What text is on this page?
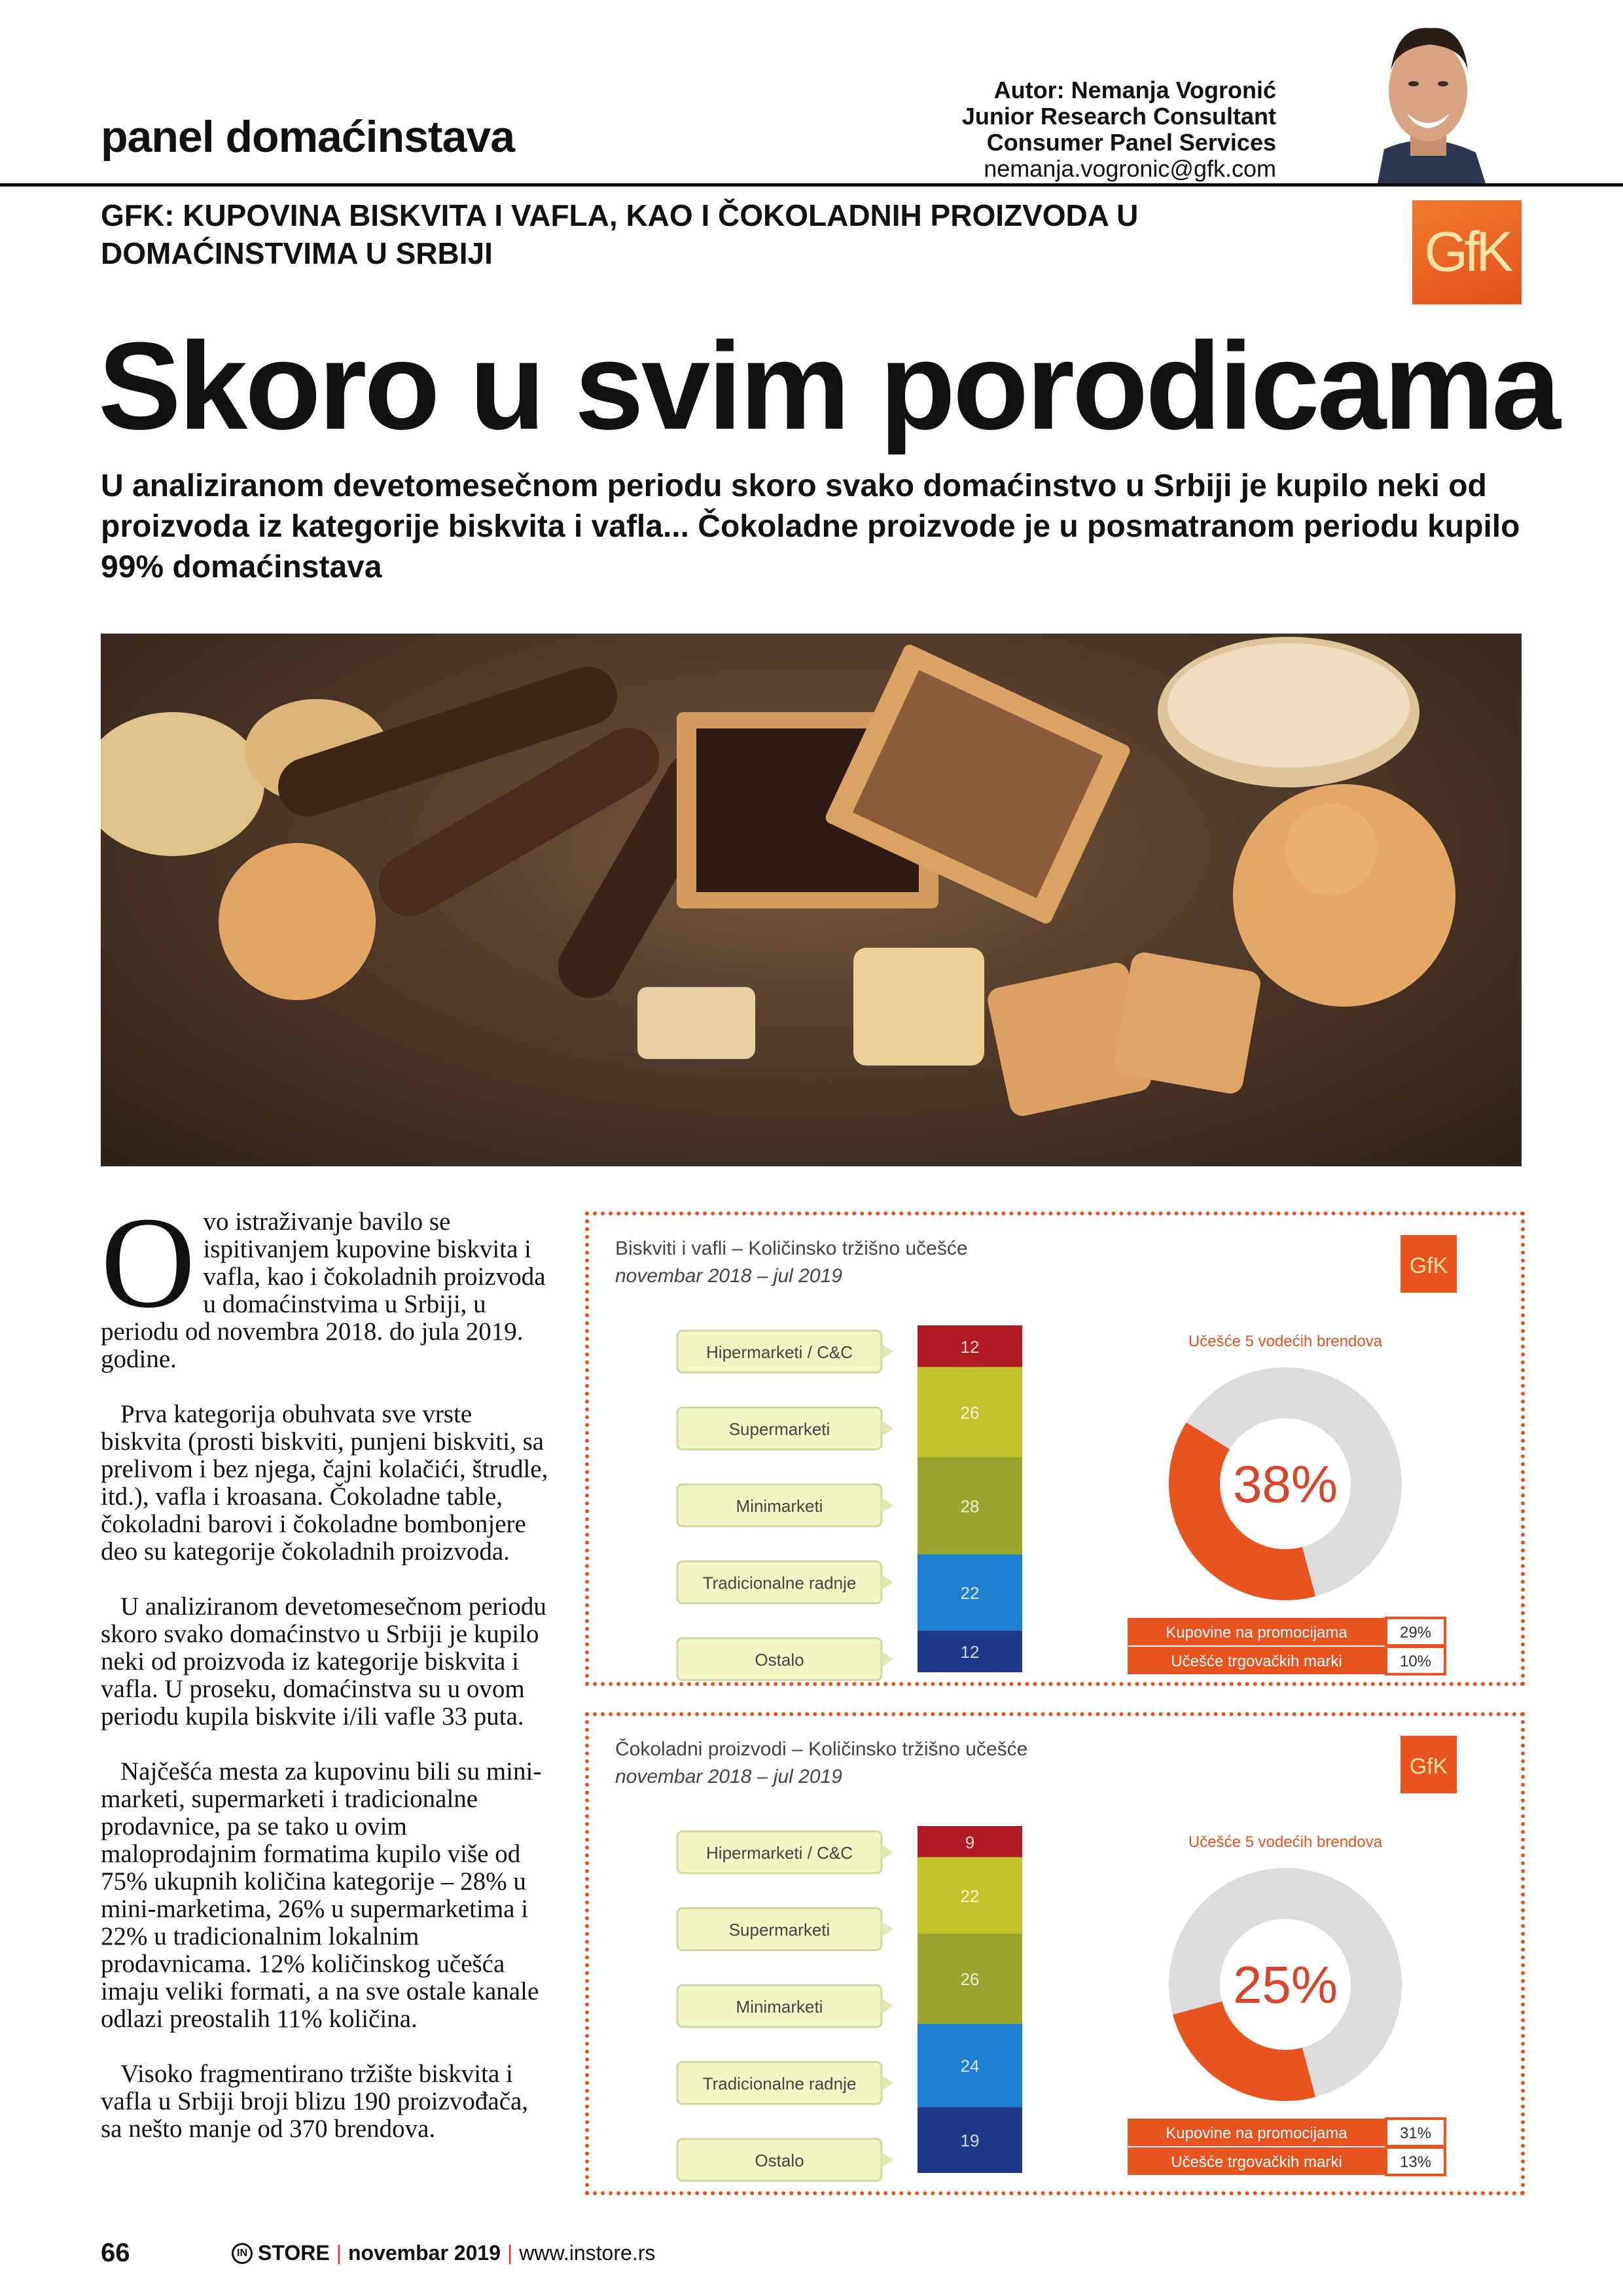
panel domaćinstava
Autor: Nemanja Vogronić
Junior Research Consultant
Consumer Panel Services
nemanja.vogronic@gfk.com
GFK: KUPOVINA BISKVITA I VAFLA, KAO I ČOKOLADNIH PROIZVODA U DOMAĆINSTVIMA U SRBIJI	GfK
Skoro u svim porodicama
U analiziranom devetomesečnom periodu skoro svako domaćinstvo u Srbiji je kupilo neki od proizvoda iz kategorije biskvita i vafla... Čokoladne proizvode je u posmatranom periodu kupilo 99% domaćinstava

Ovo istraživanje bavilo se ispitivanjem kupovine biskvita i vafla, kao i čokoladnih proizvoda u domaćinstvima u Srbiji, u periodu od novembra 2018. do jula 2019. godine.

Prva kategorija obuhvata sve vrste biskvita (prosti biskviti, punjeni biskviti, sa prelivom i bez njega, čajni kolačići, štrudle, itd.), vafla i kroasana. Čokoladne table, čokoladni barovi i čokoladne bombonjere deo su kategorije čokoladnih proizvoda.

U analiziranom devetomesečnom periodu skoro svako domaćinstvo u Srbiji je kupilo neki od proizvoda iz kategorije biskvita i vafla. U proseku, domaćinstva su u ovom periodu kupila biskvite i/ili vafle 33 puta.

Najčešća mesta za kupovinu bili su mini-marketi, supermarketi i tradicionalne prodavnice, pa se tako u ovim maloprodajnim formatima kupilo više od 75% ukupnih količina kategorije – 28% u mini-marketima, 26% u supermarketima i 22% u tradicionalnim lokalnim prodavnicama. 12% količinskog učešća imaju veliki formati, a na sve ostale kanale odlazi preostalih 11% količina.

Visoko fragmentirano tržište biskvita i vafla u Srbiji broji blizu 190 proizvođača, sa nešto manje od 370 brendova.

Biskviti i vafli – Količinsko tržišno učešće
novembar 2018 – jul 2019	GfK
12
Hipermarketi / C&C
26
Supermarketi
28
Minimarketi
22
Tradicionalne radnje
12
Ostalo
Učešće 5 vodećih brendova
38%
Kupovine na promocijama	29%
Učešće trgovačkih marki	10%
Čokoladni proizvodi – Količinsko tržišno učešće
novembar 2018 – jul 2019	GfK
9
Hipermarketi / C&C
22
Supermarketi
26
Minimarketi
24
Tradicionalne radnje
19
Ostalo
Učešće 5 vodećih brendova
25%
Kupovine na promocijama	31%
Učešće trgovačkih marki	13%
66	IN STORE | novembar 2019 | www.instore.rs
